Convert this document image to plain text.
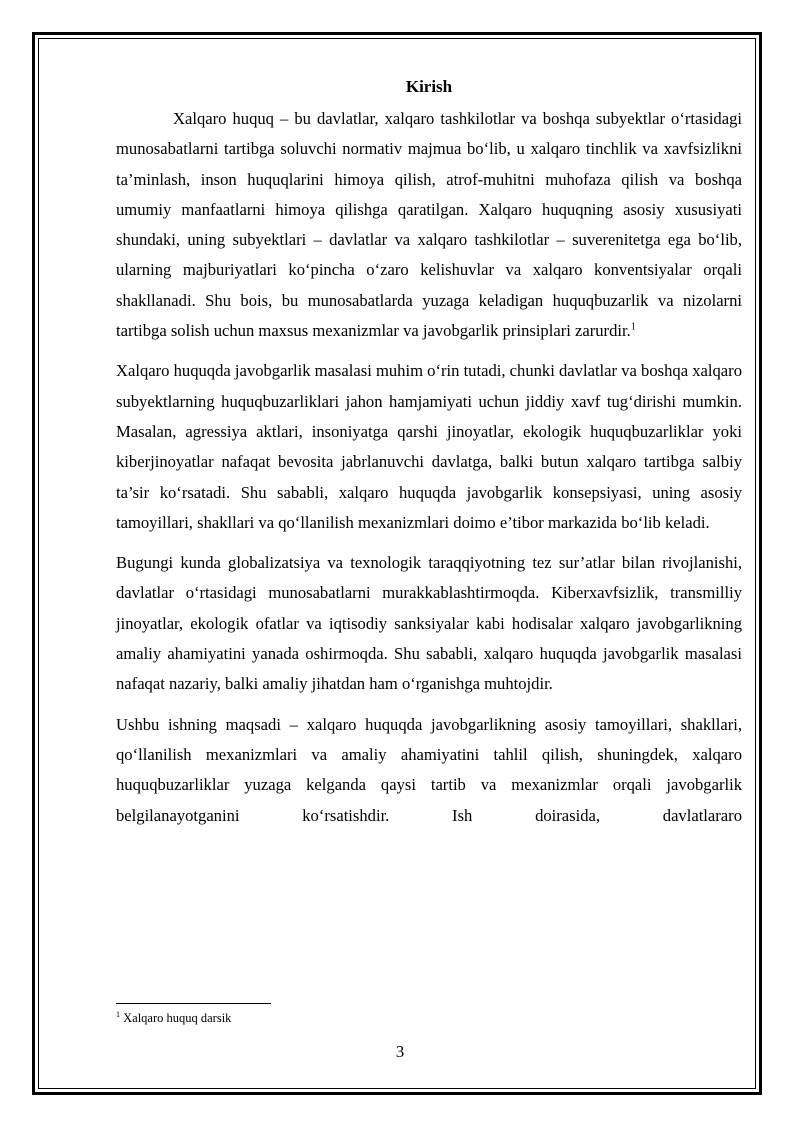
Kirish

Xalqaro huquq – bu davlatlar, xalqaro tashkilotlar va boshqa subyektlar o‘rtasidagi munosabatlarni tartibga soluvchi normativ majmua bo‘lib, u xalqaro tinchlik va xavfsizlikni ta’minlash, inson huquqlarini himoya qilish, atrof-muhitni muhofaza qilish va boshqa umumiy manfaatlarni himoya qilishga qaratilgan. Xalqaro huquqning asosiy xususiyati shundaki, uning subyektlari – davlatlar va xalqaro tashkilotlar – suverenitetga ega bo‘lib, ularning majburiyatlari ko‘pincha o‘zaro kelishuvlar va xalqaro konventsiyalar orqali shakllanadi. Shu bois, bu munosabatlarda yuzaga keladigan huquqbuzarlik va nizolarni tartibga solish uchun maxsus mexanizmlar va javobgarlik prinsiplari zarurdir.$^1$

Xalqaro huquqda javobgarlik masalasi muhim o‘rin tutadi, chunki davlatlar va boshqa xalqaro subyektlarning huquqbuzarliklari jahon hamjamiyati uchun jiddiy xavf tug‘dirishi mumkin. Masalan, agressiya aktlari, insoniyatga qarshi jinoyatlar, ekologik huquqbuzarliklar yoki kiberjinoyatlar nafaqat bevosita jabrlanuvchi davlatga, balki butun xalqaro tartibga salbiy ta’sir ko‘rsatadi. Shu sababli, xalqaro huquqda javobgarlik konsepsiyasi, uning asosiy tamoyillari, shakllari va qo‘llanilish mexanizmlari doimo e’tibor markazida bo‘lib keladi.

Bugungi kunda globalizatsiya va texnologik taraqqiyotning tez sur’atlar bilan rivojlanishi, davlatlar o‘rtasidagi munosabatlarni murakkablashtirmoqda. Kiberxavfsizlik, transmilliy jinoyatlar, ekologik ofatlar va iqtisodiy sanksiyalar kabi hodisalar xalqaro javobgarlikning amaliy ahamiyatini yanada oshirmoqda. Shu sababli, xalqaro huquqda javobgarlik masalasi nafaqat nazariy, balki amaliy jihatdan ham o‘rganishga muhtojdir.

Ushbu ishning maqsadi – xalqaro huquqda javobgarlikning asosiy tamoyillari, shakllari, qo‘llanilish mexanizmlari va amaliy ahamiyatini tahlil qilish, shuningdek, xalqaro huquqbuzarliklar yuzaga kelganda qaysi tartib va mexanizmlar orqali javobgarlik belgilanayotganini ko‘rsatishdir. Ish doirasida, davlatlararo

$^1$ Xalqaro huquq darsik
3
